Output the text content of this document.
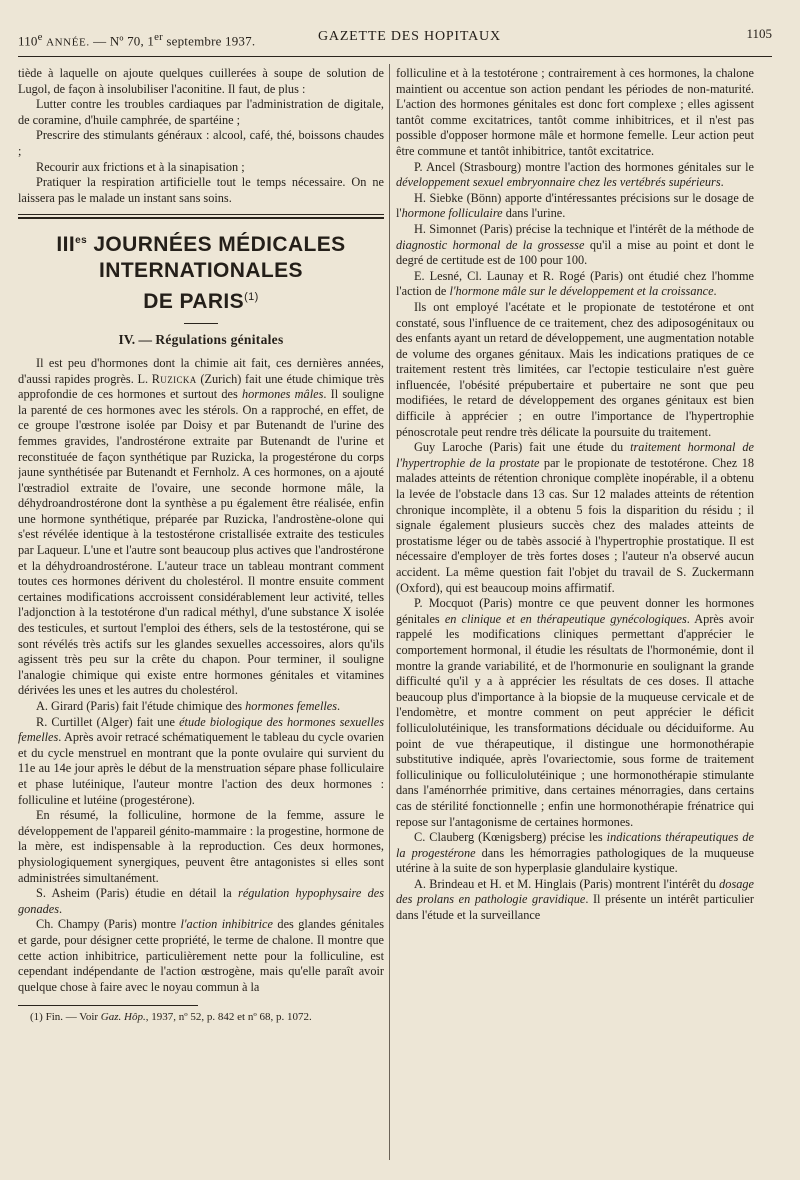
110e ANNÉE. — Nº 70, 1er septembre 1937.	GAZETTE DES HOPITAUX	1105

tiède à laquelle on ajoute quelques cuillerées à soupe de solution de Lugol, de façon à insolubiliser l'aconitine. Il faut, de plus :

Lutter contre les troubles cardiaques par l'administration de digitale, de coramine, d'huile camphrée, de spartéine ;

Prescrire des stimulants généraux : alcool, café, thé, boissons chaudes ;

Recourir aux frictions et à la sinapisation ;

Pratiquer la respiration artificielle tout le temps nécessaire. On ne laissera pas le malade un instant sans soins.

$III^{es}$ JOURNÉES MÉDICALES INTERNATIONALES
DE PARIS$^{(1)}$
IV. — Régulations génitales

Il est peu d'hormones dont la chimie ait fait, ces dernières années, d'aussi rapides progrès. L. Ruzicka (Zurich) fait une étude chimique très approfondie de ces hormones et surtout des hormones mâles. Il souligne la parenté de ces hormones avec les stérols. On a rapproché, en effet, de ce groupe l'œstrone isolée par Doisy et par Butenandt de l'urine des femmes gravides, l'androstérone extraite par Butenandt de l'urine et reconstituée de façon synthétique par Ruzicka, la progestérone du corps jaune synthétisée par Butenandt et Fernholz. A ces hormones, on a ajouté l'œstradiol extraite de l'ovaire, une seconde hormone mâle, la déhydroandrostérone dont la synthèse a pu également être réalisée, enfin une hormone synthétique, préparée par Ruzicka, l'androstène-olone qui s'est révélée identique à la testostérone cristallisée extraite des testicules par Laqueur. L'une et l'autre sont beaucoup plus actives que l'androstérone et la déhydroandrostérone. L'auteur trace un tableau montrant comment toutes ces hormones dérivent du cholestérol. Il montre ensuite comment certaines modifications accroissent considérablement leur activité, telles l'adjonction à la testotérone d'un radical méthyl, d'une substance X isolée des testicules, et surtout l'emploi des éthers, sels de la testostérone, qui se sont révélés très actifs sur les glandes sexuelles accessoires, alors qu'ils agissent très peu sur la crête du chapon. Pour terminer, il souligne l'analogie chimique qui existe entre hormones génitales et vitamines dérivées les unes et les autres du cholestérol.

A. Girard (Paris) fait l'étude chimique des hormones femelles.

R. Curtillet (Alger) fait une étude biologique des hormones sexuelles femelles. Après avoir retracé schématiquement le tableau du cycle ovarien et du cycle menstruel en montrant que la ponte ovulaire qui survient du 11e au 14e jour après le début de la menstruation sépare phase folliculaire et phase lutéinique, l'auteur montre l'action des deux hormones : folliculine et lutéine (progestérone).

En résumé, la folliculine, hormone de la femme, assure le développement de l'appareil génito-mammaire : la progestine, hormone de la mère, est indispensable à la reproduction. Ces deux hormones, physiologiquement synergiques, peuvent être antagonistes si elles sont administrées simultanément.

S. Asheim (Paris) étudie en détail la régulation hypophysaire des gonades.

Ch. Champy (Paris) montre l'action inhibitrice des glandes génitales et garde, pour désigner cette propriété, le terme de chalone. Il montre que cette action inhibitrice, particulièrement nette pour la folliculine, est cependant indépendante de l'action œstrogène, mais qu'elle paraît avoir quelque chose à faire avec le noyau commun à la

(1) Fin. — Voir Gaz. Hôp., 1937, nº 52, p. 842 et nº 68, p. 1072.

folliculine et à la testotérone ; contrairement à ces hormones, la chalone maintient ou accentue son action pendant les périodes de non-maturité. L'action des hormones génitales est donc fort complexe ; elles agissent tantôt comme excitatrices, tantôt comme inhibitrices, et il n'est pas possible d'opposer hormone mâle et hormone femelle. Leur action peut être commune et tantôt inhibitrice, tantôt excitatrice.

P. Ancel (Strasbourg) montre l'action des hormones génitales sur le développement sexuel embryonnaire chez les vertébrés supérieurs.

H. Siebke (Bönn) apporte d'intéressantes précisions sur le dosage de l'hormone folliculaire dans l'urine.

H. Simonnet (Paris) précise la technique et l'intérêt de la méthode de diagnostic hormonal de la grossesse qu'il a mise au point et dont le degré de certitude est de 100 pour 100.

E. Lesné, Cl. Launay et R. Rogé (Paris) ont étudié chez l'homme l'action de l'hormone mâle sur le développement et la croissance.

Ils ont employé l'acétate et le propionate de testotérone et ont constaté, sous l'influence de ce traitement, chez des adiposogénitaux ou des enfants ayant un retard de développement, une augmentation notable de volume des organes génitaux. Mais les indications pratiques de ce traitement restent très limitées, car l'ectopie testiculaire n'est guère influencée, l'obésité prépubertaire et pubertaire ne sont que peu modifiées, le retard de développement des organes génitaux est bien difficile à apprécier ; en outre l'importance de l'hypertrophie pénoscrotale peut rendre très délicate la poursuite du traitement.

Guy Laroche (Paris) fait une étude du traitement hormonal de l'hypertrophie de la prostate par le propionate de testotérone. Chez 18 malades atteints de rétention chronique complète inopérable, il a obtenu la levée de l'obstacle dans 13 cas. Sur 12 malades atteints de rétention chronique incomplète, il a obtenu 5 fois la disparition du résidu ; il signale également plusieurs succès chez des malades atteints de prostatisme léger ou de tabès associé à l'hypertrophie prostatique. Il est nécessaire d'employer de très fortes doses ; l'auteur n'a observé aucun accident. La même question fait l'objet du travail de S. Zuckermann (Oxford), qui est beaucoup moins affirmatif.

P. Mocquot (Paris) montre ce que peuvent donner les hormones génitales en clinique et en thérapeutique gynécologiques. Après avoir rappelé les modifications cliniques permettant d'apprécier le comportement hormonal, il étudie les résultats de l'hormonémie, dont il montre la grande variabilité, et de l'hormonurie en soulignant la grande difficulté qu'il y a à apprécier les résultats de ces doses. Il attache beaucoup plus d'importance à la biopsie de la muqueuse cervicale et de l'endomètre, et montre comment on peut apprécier le déficit folliculolutéinique, les transformations déciduale ou déciduiforme. Au point de vue thérapeutique, il distingue une hormonothérapie substitutive indiquée, après l'ovariectomie, sous forme de traitement folliculinique ou folliculolutéinique ; une hormonothérapie stimulante dans l'aménorrhée primitive, dans certaines ménorragies, dans certains cas de stérilité fonctionnelle ; enfin une hormonothérapie frénatrice qui repose sur l'antagonisme de certaines hormones.

C. Clauberg (Kœnigsberg) précise les indications thérapeutiques de la progestérone dans les hémorragies pathologiques de la muqueuse utérine à la suite de son hyperplasie glandulaire kystique.

A. Brindeau et H. et M. Hinglais (Paris) montrent l'intérêt du dosage des prolans en pathologie gravidique. Il présente un intérêt particulier dans l'étude et la surveillance
